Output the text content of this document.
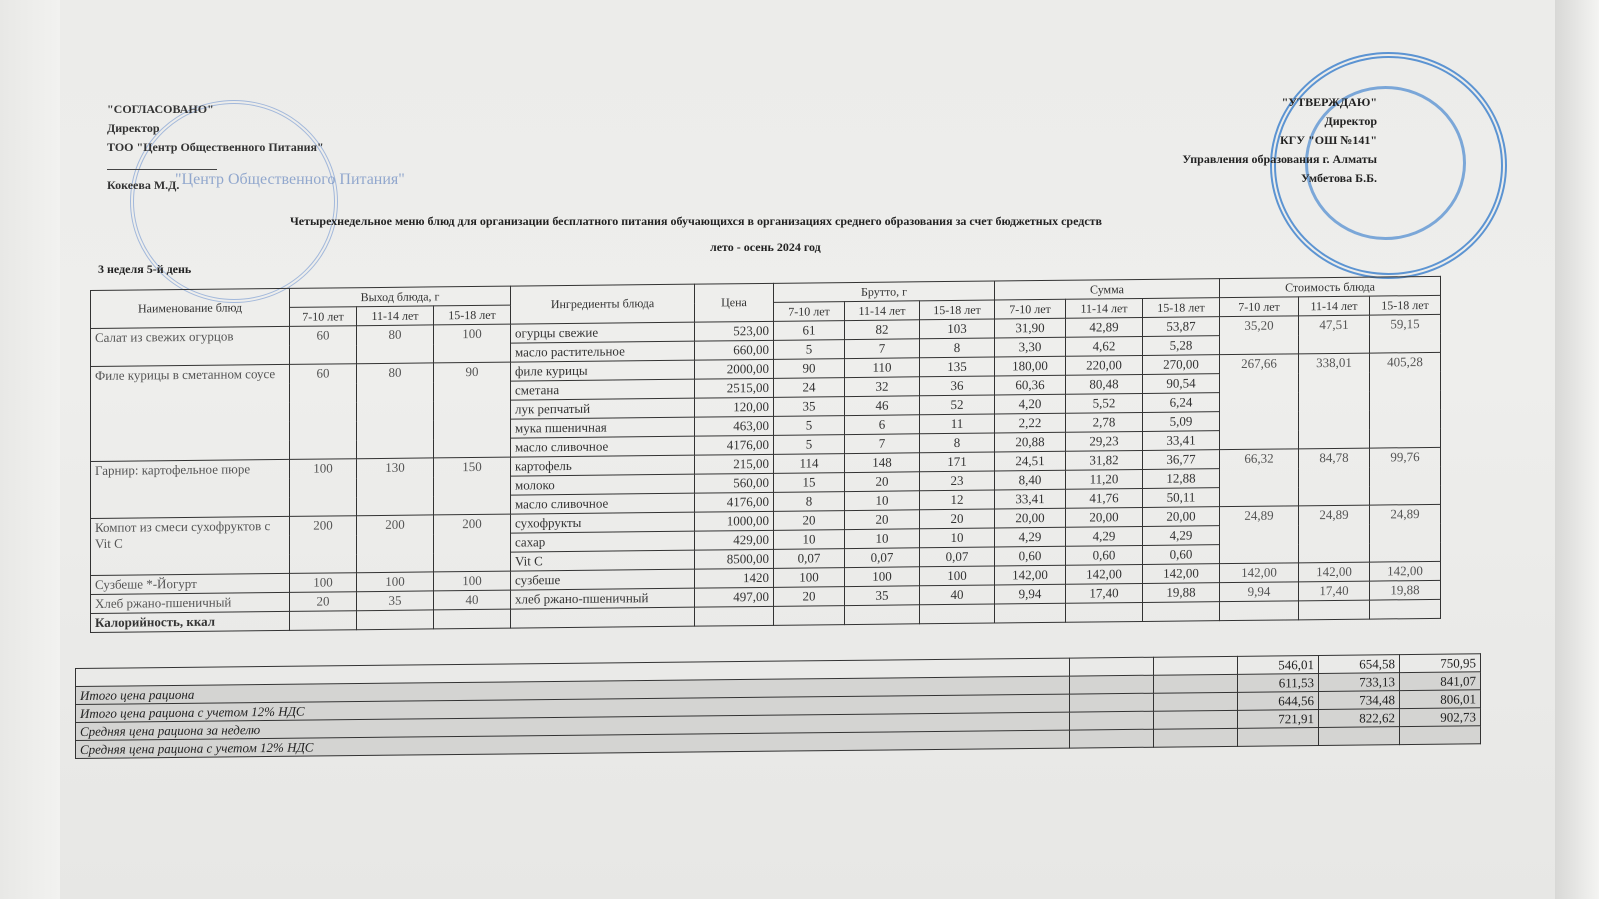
"Центр Общественного Питания"
"СОГЛАСОВАНО"
Директор
ТОО "Центр Общественного Питания"
Кокеева М.Д.
"УТВЕРЖДАЮ"
Директор
КГУ "ОШ №141"
Управления образования г. Алматы
Умбетова Б.Б.
Четырехнедельное меню блюд для организации бесплатного питания обучающихся в организациях среднего образования за счет бюджетных средств
лето - осень 2024 год
3 неделя 5-й день
Наименование блюд	Выход блюда, г			Ингредиенты блюда	Цена	Брутто, г			Сумма			Стоимость блюда		
	7-10 лет	11-14 лет	15-18 лет			7-10 лет	11-14 лет	15-18 лет	7-10 лет	11-14 лет	15-18 лет	7-10 лет	11-14 лет	15-18 лет
Салат из свежих огурцов	60	80	100	огурцы свежие	523,00	61	82	103	31,90	42,89	53,87	35,20	47,51	59,15
				масло растительное	660,00	5	7	8	3,30	4,62	5,28			
Филе курицы в сметанном соусе	60	80	90	филе курицы	2000,00	90	110	135	180,00	220,00	270,00	267,66	338,01	405,28
				сметана	2515,00	24	32	36	60,36	80,48	90,54			
				лук репчатый	120,00	35	46	52	4,20	5,52	6,24			
				мука пшеничная	463,00	5	6	11	2,22	2,78	5,09			
				масло сливочное	4176,00	5	7	8	20,88	29,23	33,41			
Гарнир: картофельное пюре	100	130	150	картофель	215,00	114	148	171	24,51	31,82	36,77	66,32	84,78	99,76
				молоко	560,00	15	20	23	8,40	11,20	12,88			
				масло сливочное	4176,00	8	10	12	33,41	41,76	50,11			
Компот из смеси сухофруктов с Vit C	200	200	200	сухофрукты	1000,00	20	20	20	20,00	20,00	20,00	24,89	24,89	24,89
				сахар	429,00	10	10	10	4,29	4,29	4,29			
				Vit C	8500,00	0,07	0,07	0,07	0,60	0,60	0,60			
Сузбеше *-Йогурт	100	100	100	сузбеше	1420	100	100	100	142,00	142,00	142,00	142,00	142,00	142,00
Хлеб ржано-пшеничный	20	35	40	хлеб ржано-пшеничный	497,00	20	35	40	9,94	17,40	19,88	9,94	17,40	19,88
Калорийность, ккал														
			546,01	654,58	750,95
Итого цена рациона			611,53	733,13	841,07
Итого цена рациона с учетом 12% НДС			644,56	734,48	806,01
Средняя цена рациона за неделю			721,91	822,62	902,73
Средняя цена рациона с учетом 12% НДС					
